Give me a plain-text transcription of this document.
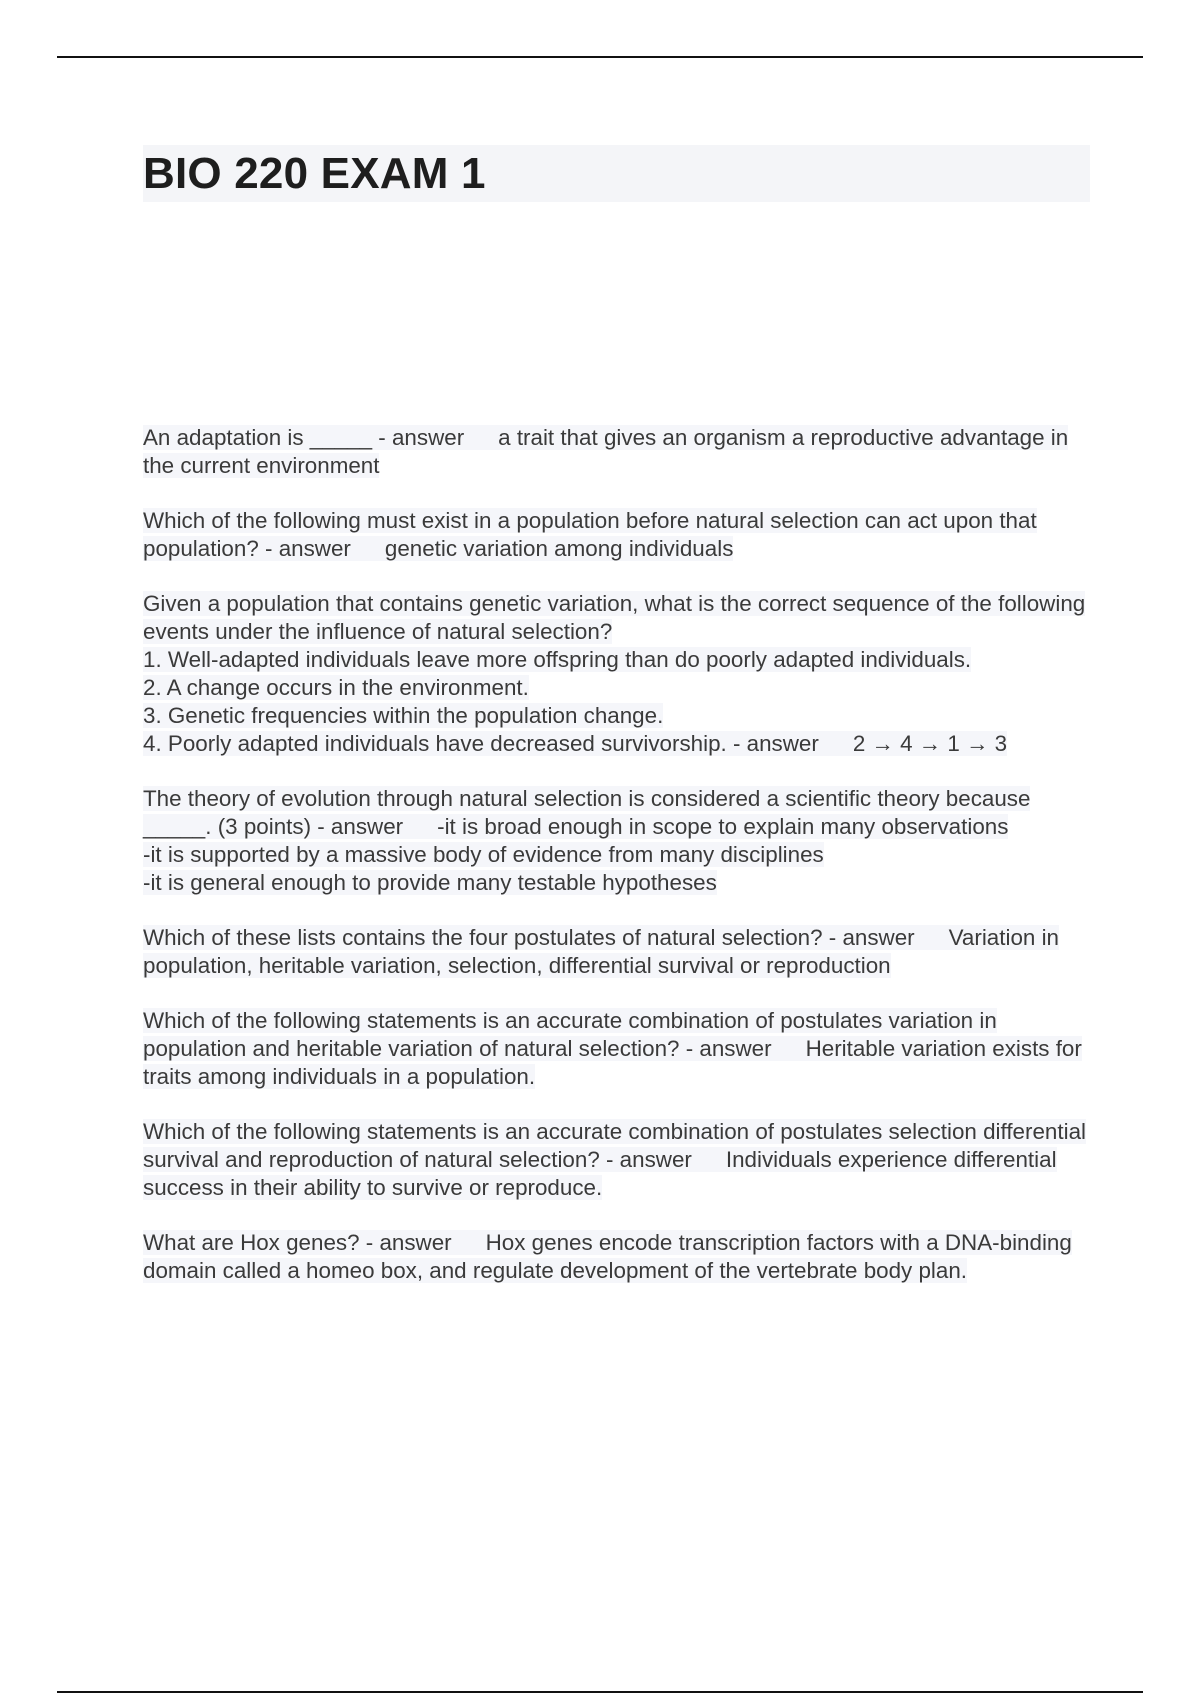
BIO 220 EXAM 1

An adaptation is _____ - answer a trait that gives an organism a reproductive advantage in the current environment

Which of the following must exist in a population before natural selection can act upon that population? - answer genetic variation among individuals

Given a population that contains genetic variation, what is the correct sequence of the following events under the influence of natural selection?
1. Well-adapted individuals leave more offspring than do poorly adapted individuals.
2. A change occurs in the environment.
3. Genetic frequencies within the population change.
4. Poorly adapted individuals have decreased survivorship. - answer 2 → 4 → 1 → 3

The theory of evolution through natural selection is considered a scientific theory because _____. (3 points) - answer -it is broad enough in scope to explain many observations
-it is supported by a massive body of evidence from many disciplines
-it is general enough to provide many testable hypotheses

Which of these lists contains the four postulates of natural selection? - answer Variation in population, heritable variation, selection, differential survival or reproduction

Which of the following statements is an accurate combination of postulates variation in population and heritable variation of natural selection? - answer Heritable variation exists for traits among individuals in a population.

Which of the following statements is an accurate combination of postulates selection differential survival and reproduction of natural selection? - answer Individuals experience differential success in their ability to survive or reproduce.

What are Hox genes? - answer Hox genes encode transcription factors with a DNA-binding domain called a homeo box, and regulate development of the vertebrate body plan.
